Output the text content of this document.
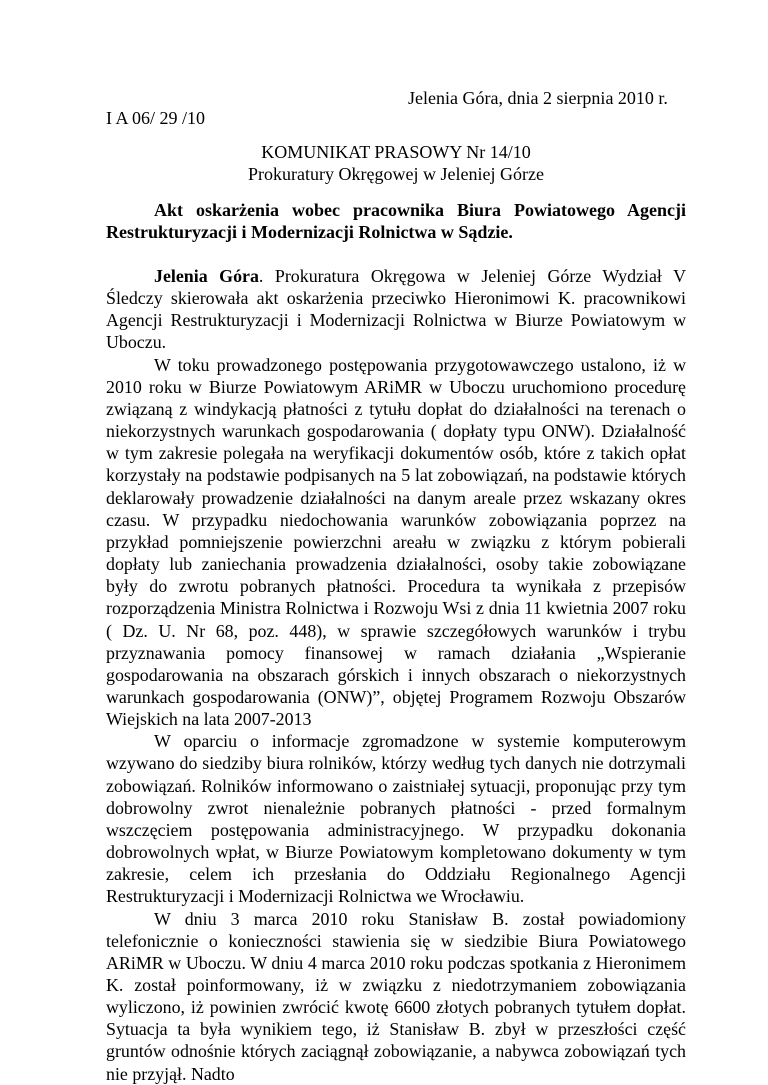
Jelenia Góra, dnia 2 sierpnia 2010 r.
I A 06/ 29 /10
KOMUNIKAT PRASOWY Nr 14/10
Prokuratury Okręgowej w Jeleniej Górze
Akt oskarżenia wobec pracownika Biura Powiatowego Agencji Restrukturyzacji i Modernizacji Rolnictwa w Sądzie.

Jelenia Góra. Prokuratura Okręgowa w Jeleniej Górze Wydział V Śledczy skierowała akt oskarżenia przeciwko Hieronimowi K. pracownikowi Agencji Restrukturyzacji i Modernizacji Rolnictwa w Biurze Powiatowym w Uboczu.

W toku prowadzonego postępowania przygotowawczego ustalono, iż w 2010 roku w Biurze Powiatowym ARiMR w Uboczu uruchomiono procedurę związaną z windykacją płatności z tytułu dopłat do działalności na terenach o niekorzystnych warunkach gospodarowania ( dopłaty typu ONW). Działalność w tym zakresie polegała na weryfikacji dokumentów osób, które z takich opłat korzystały na podstawie podpisanych na 5 lat zobowiązań, na podstawie których deklarowały prowadzenie działalności na danym areale przez wskazany okres czasu. W przypadku niedochowania warunków zobowiązania poprzez na przykład pomniejszenie powierzchni areału w związku z którym pobierali dopłaty lub zaniechania prowadzenia działalności, osoby takie zobowiązane były do zwrotu pobranych płatności. Procedura ta wynikała z przepisów rozporządzenia Ministra Rolnictwa i Rozwoju Wsi z dnia 11 kwietnia 2007 roku ( Dz. U. Nr 68, poz. 448), w sprawie szczegółowych warunków i trybu przyznawania pomocy finansowej w ramach działania „Wspieranie gospodarowania na obszarach górskich i innych obszarach o niekorzystnych warunkach gospodarowania (ONW)”, objętej Programem Rozwoju Obszarów Wiejskich na lata 2007-2013

W oparciu o informacje zgromadzone w systemie komputerowym wzywano do siedziby biura rolników, którzy według tych danych nie dotrzymali zobowiązań. Rolników informowano o zaistniałej sytuacji, proponując przy tym dobrowolny zwrot nienależnie pobranych płatności - przed formalnym wszczęciem postępowania administracyjnego. W przypadku dokonania dobrowolnych wpłat, w Biurze Powiatowym kompletowano dokumenty w tym zakresie, celem ich przesłania do Oddziału Regionalnego Agencji Restrukturyzacji i Modernizacji Rolnictwa we Wrocławiu.

W dniu 3 marca 2010 roku Stanisław B. został powiadomiony telefonicznie o konieczności stawienia się w siedzibie Biura Powiatowego ARiMR w Uboczu. W dniu 4 marca 2010 roku podczas spotkania z Hieronimem K. został poinformowany, iż w związku z niedotrzymaniem zobowiązania wyliczono, iż powinien zwrócić kwotę 6600 złotych pobranych tytułem dopłat. Sytuacja ta była wynikiem tego, iż Stanisław B. zbył w przeszłości część gruntów odnośnie których zaciągnął zobowiązanie, a nabywca zobowiązań tych nie przyjął. Nadto
